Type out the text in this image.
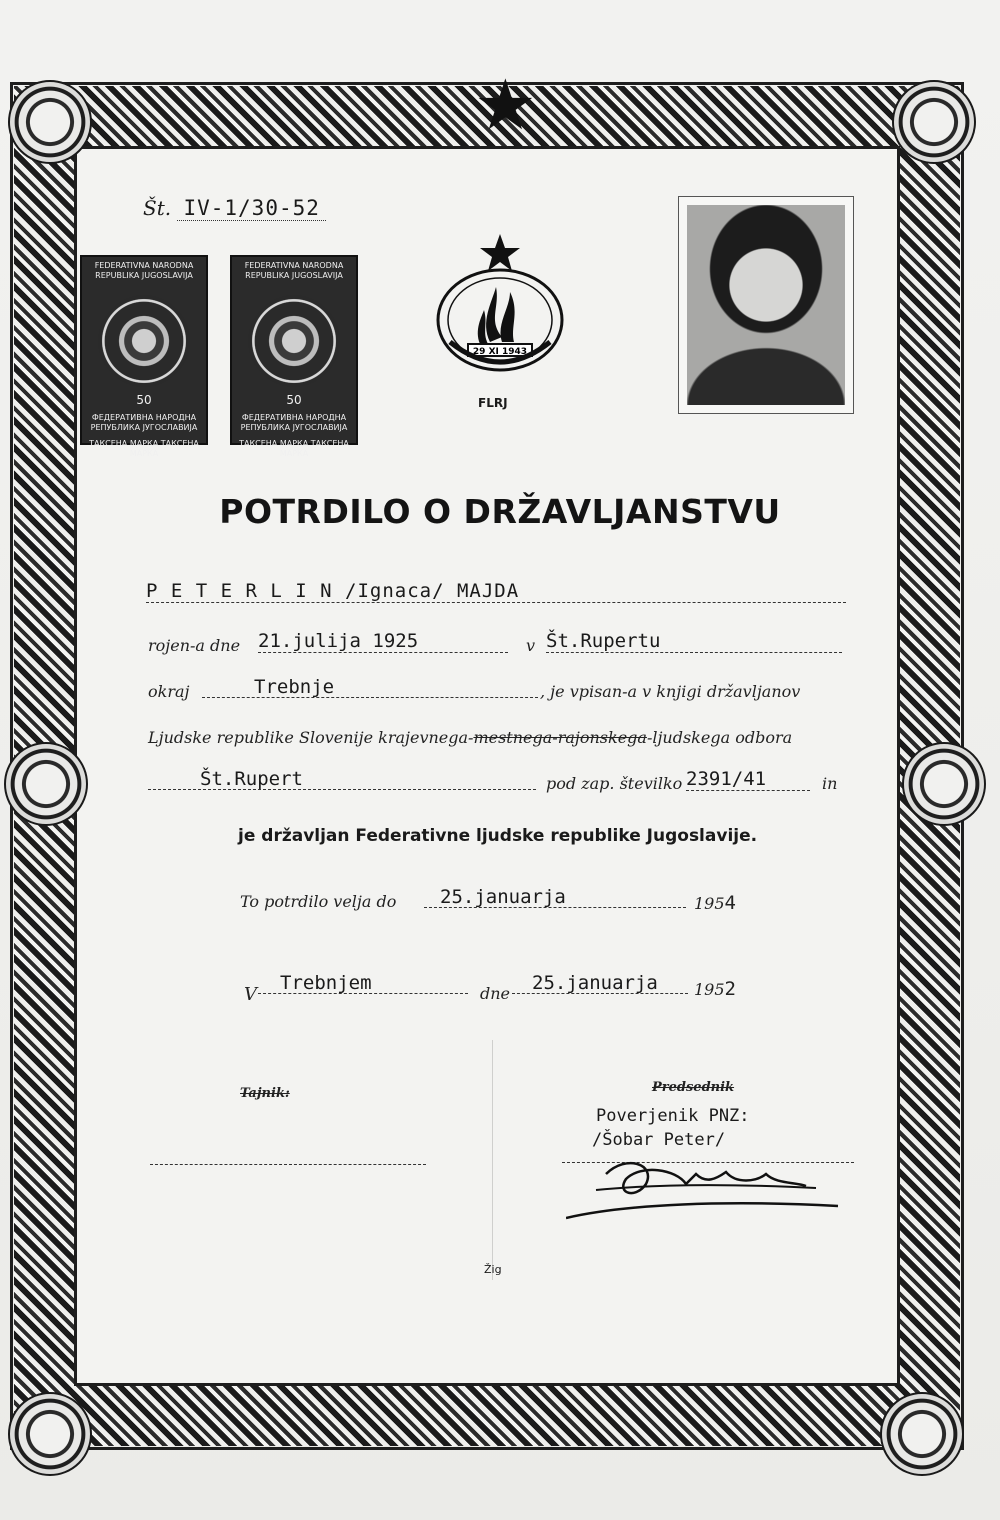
★
Št. IV-1/30-52
FEDERATIVNA NARODNA REPUBLIKA JUGOSLAVIJA
50
ФЕДЕРАТИВНА НАРОДНА РЕПУБЛИКА ЈУГОСЛАВИЈА
ТАКСЕНА МАРКА ТАКСЕНА МАРКА
FEDERATIVNA NARODNA REPUBLIKA JUGOSLAVIJA
50
ФЕДЕРАТИВНА НАРОДНА РЕПУБЛИКА ЈУГОСЛАВИЈА
ТАКСЕНА МАРКА ТАКСЕНА МАРКА
29 XI 1943
FLRJ
POTRDILO O DRŽAVLJANSTVU
P E T E R L I N /Ignaca/ MAJDA
rojen-a dne 21.julija 1925	v Št.Rupertu
okraj	Trebnje	, je vpisan-a v knjigi državljanov
Ljudske republike Slovenije krajevnega-mestnega-rajonskega-ljudskega odbora
Št.Rupert	pod zap. številko 2391/41	in
je državljan Federativne ljudske republike Jugoslavije.
To potrdilo velja do	25.januarja	1954
V
Trebnjem	dne	25.januarja	1952
Tajnik:	Predsednik
Poverjenik PNZ:
/Šobar Peter/
Žig
